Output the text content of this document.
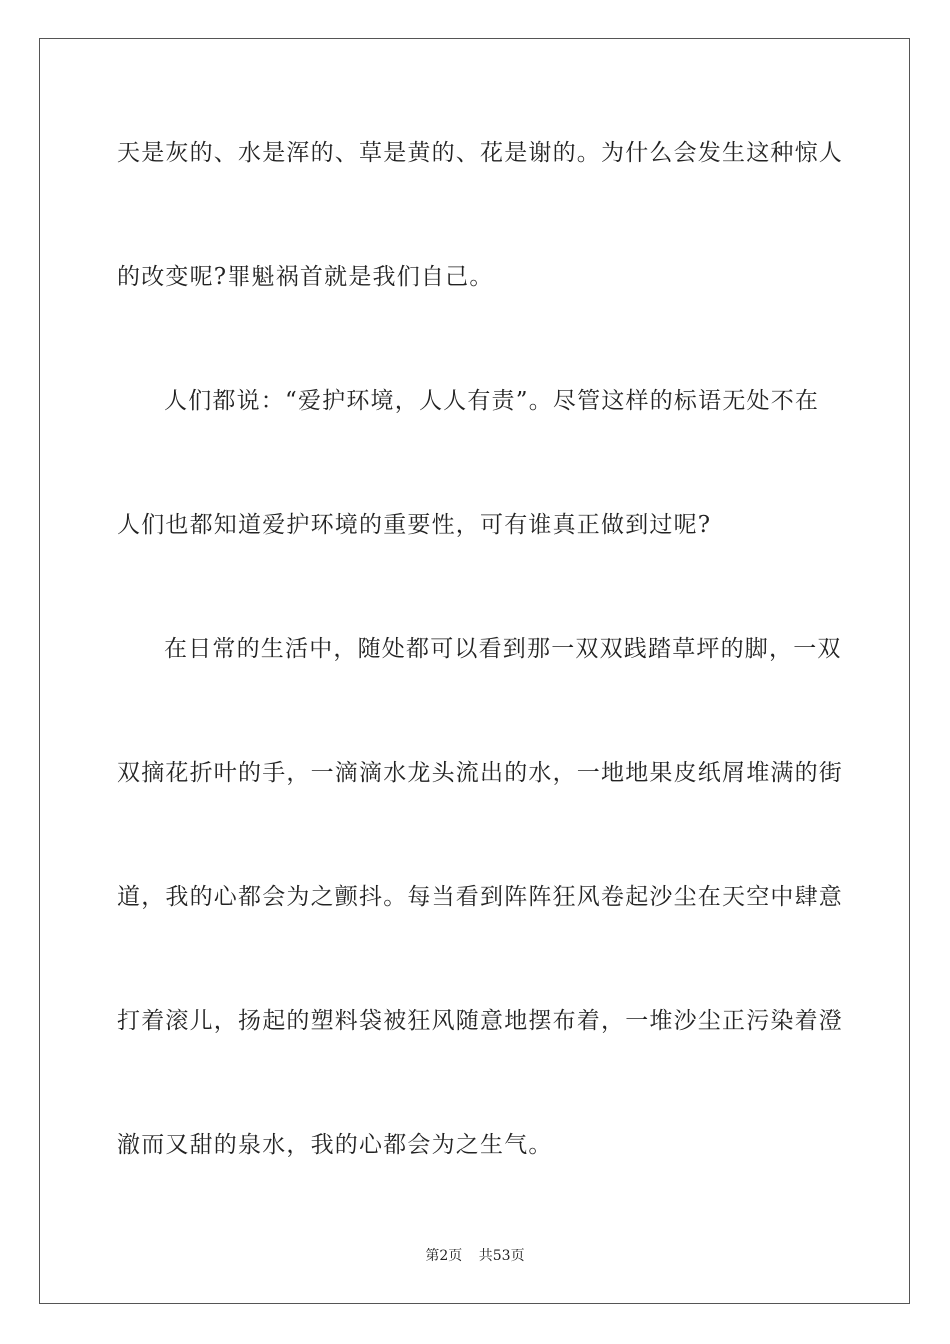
天是灰的、水是浑的、草是黄的、花是谢的。为什么会发生这种惊人
的改变呢?罪魁祸首就是我们自己。
人们都说：“爱护环境，人人有责”。尽管这样的标语无处不在
人们也都知道爱护环境的重要性，可有谁真正做到过呢?
在日常的生活中，随处都可以看到那一双双践踏草坪的脚，一双
双摘花折叶的手，一滴滴水龙头流出的水，一地地果皮纸屑堆满的街
道，我的心都会为之颤抖。每当看到阵阵狂风卷起沙尘在天空中肆意
打着滚儿，扬起的塑料袋被狂风随意地摆布着，一堆沙尘正污染着澄
澈而又甜的泉水，我的心都会为之生气。
第2页 共53页
